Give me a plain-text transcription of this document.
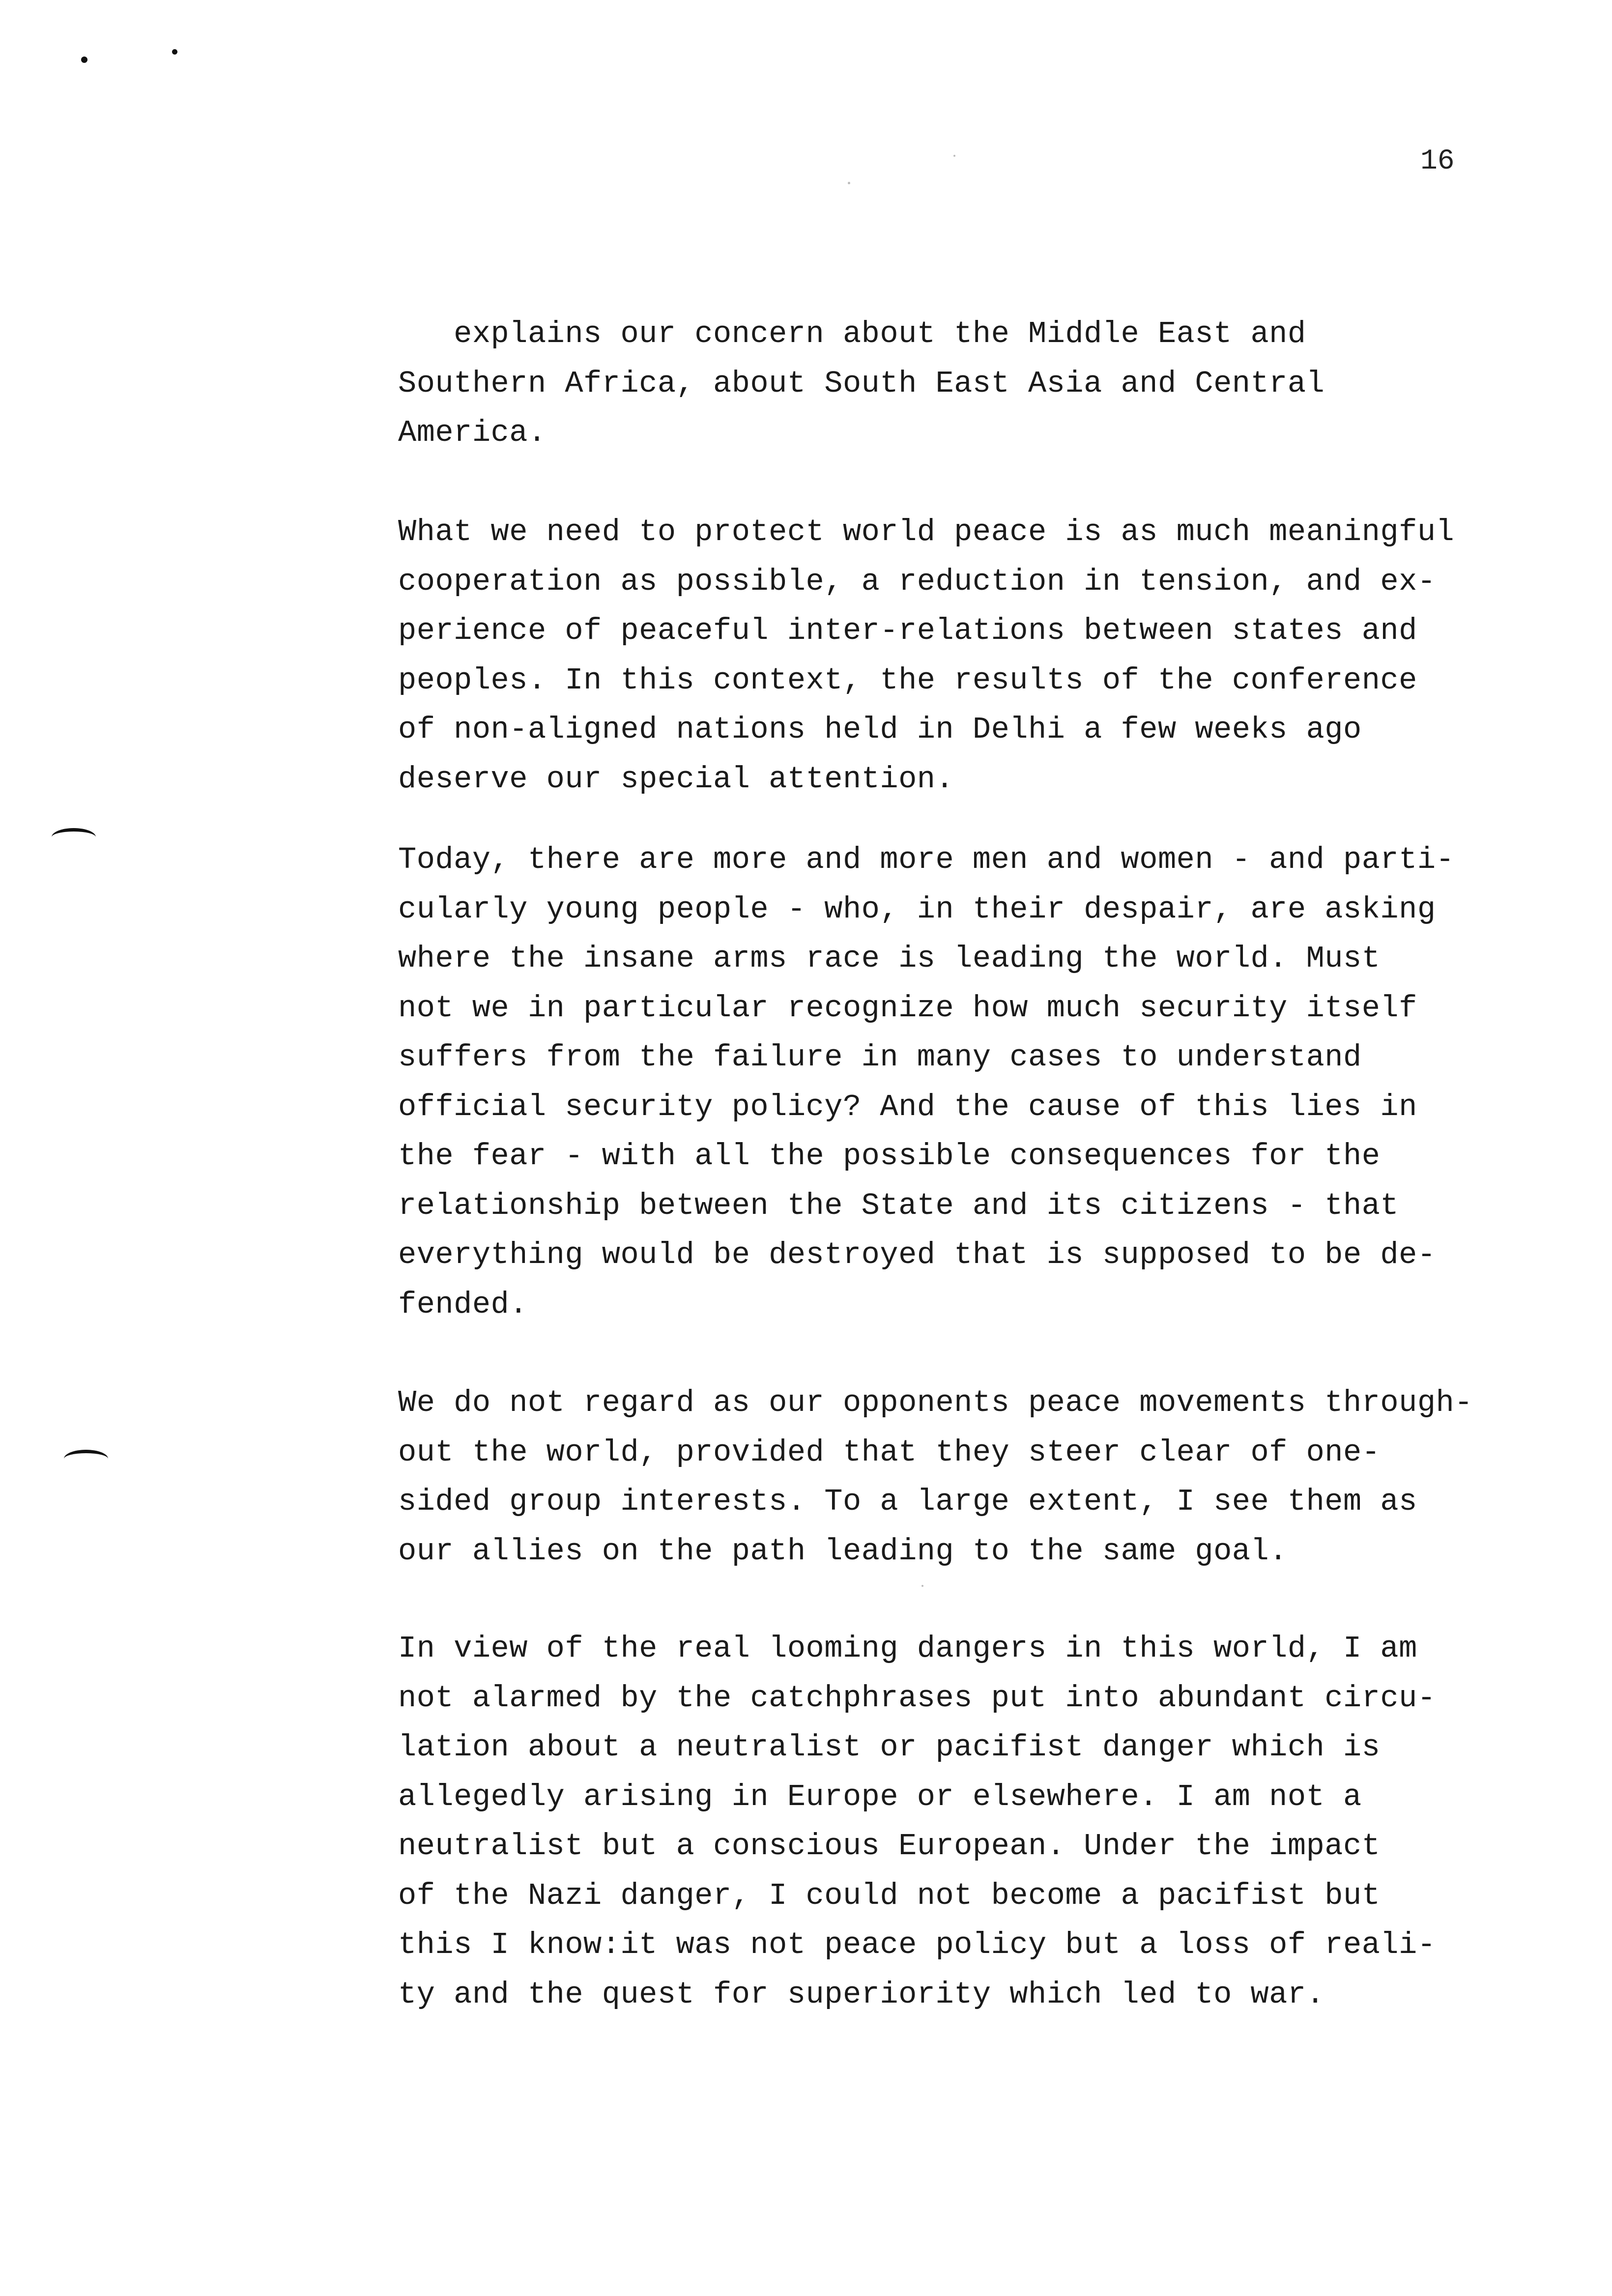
16
explains our concern about the Middle East and
Southern Africa, about South East Asia and Central
America.
What we need to protect world peace is as much meaningful
cooperation as possible, a reduction in tension, and ex-
perience of peaceful inter-relations between states and
peoples. In this context, the results of the conference
of non-aligned nations held in Delhi a few weeks ago
deserve our special attention.
Today, there are more and more men and women - and parti-
cularly young people - who, in their despair, are asking
where the insane arms race is leading the world. Must
not we in particular recognize how much security itself
suffers from the failure in many cases to understand
official security policy? And the cause of this lies in
the fear - with all the possible consequences for the
relationship between the State and its citizens - that
everything would be destroyed that is supposed to be de-
fended.
We do not regard as our opponents peace movements through-
out the world, provided that they steer clear of one-
sided group interests. To a large extent, I see them as
our allies on the path leading to the same goal.
In view of the real looming dangers in this world, I am
not alarmed by the catchphrases put into abundant circu-
lation about a neutralist or pacifist danger which is
allegedly arising in Europe or elsewhere. I am not a
neutralist but a conscious European. Under the impact
of the Nazi danger, I could not become a pacifist but
this I know:it was not peace policy but a loss of reali-
ty and the quest for superiority which led to war.
